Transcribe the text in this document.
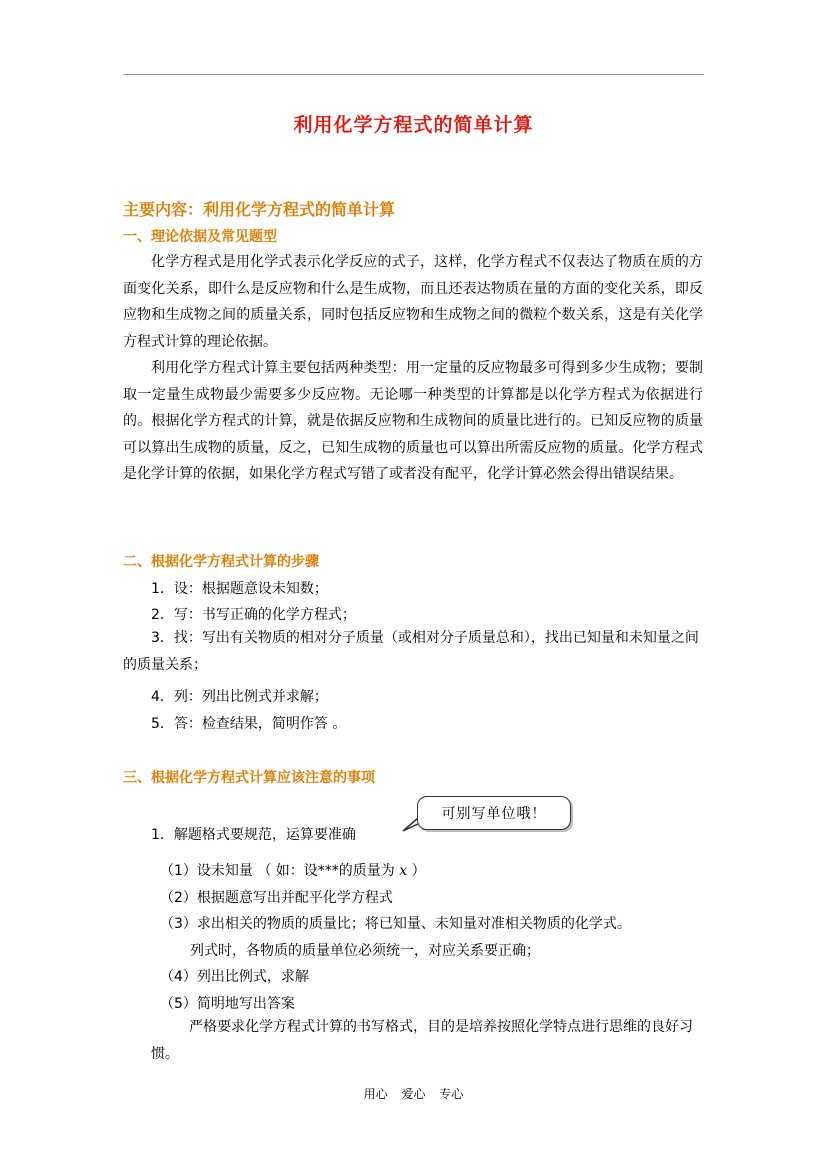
利用化学方程式的简单计算
主要内容：利用化学方程式的简单计算
一、理论依据及常见题型

化学方程式是用化学式表示化学反应的式子，这样，化学方程式不仅表达了物质在质的方面变化关系，即什么是反应物和什么是生成物，而且还表达物质在量的方面的变化关系，即反应物和生成物之间的质量关系，同时包括反应物和生成物之间的微粒个数关系，这是有关化学方程式计算的理论依据。

利用化学方程式计算主要包括两种类型：用一定量的反应物最多可得到多少生成物；要制取一定量生成物最少需要多少反应物。无论哪一种类型的计算都是以化学方程式为依据进行的。根据化学方程式的计算，就是依据反应物和生成物间的质量比进行的。已知反应物的质量可以算出生成物的质量，反之，已知生成物的质量也可以算出所需反应物的质量。化学方程式是化学计算的依据，如果化学方程式写错了或者没有配平，化学计算必然会得出错误结果。

二、根据化学方程式计算的步骤

1．设：根据题意设未知数；

2．写：书写正确的化学方程式；

3．找：写出有关物质的相对分子质量（或相对分子质量总和），找出已知量和未知量之间的质量关系；

4．列：列出比例式并求解；

5．答：检查结果，简明作答 。

三、根据化学方程式计算应该注意的事项
可别写单位哦！

1．解题格式要规范，运算要准确

（1）设未知量 （ 如：设***的质量为 x ）

（2）根据题意写出并配平化学方程式

（3）求出相关的物质的质量比；将已知量、未知量对准相关物质的化学式。

列式时，各物质的质量单位必须统一，对应关系要正确；

（4）列出比例式，求解

（5）简明地写出答案

严格要求化学方程式计算的书写格式，目的是培养按照化学特点进行思维的良好习惯。

用心 爱心 专心
